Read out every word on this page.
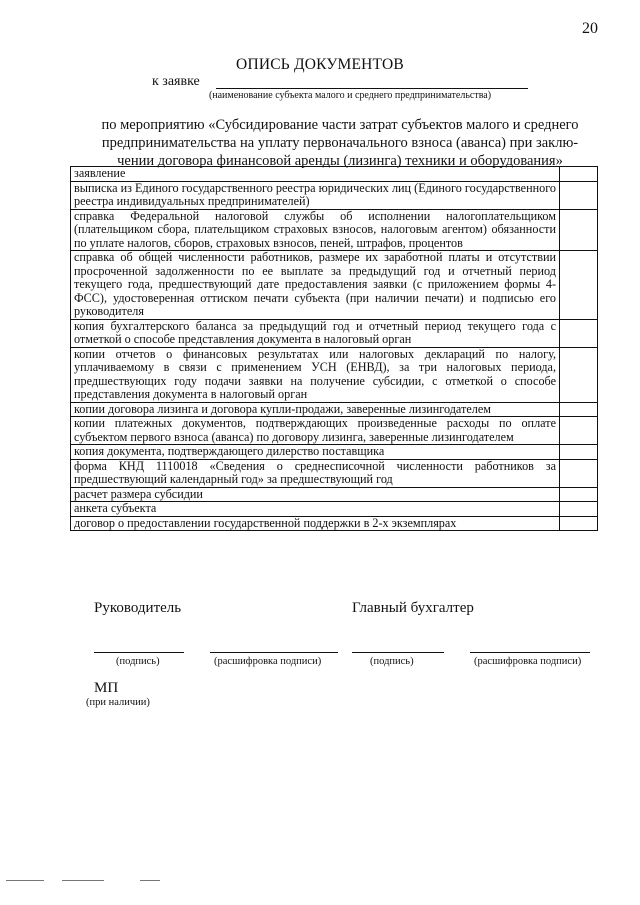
20
ОПИСЬ ДОКУМЕНТОВ
к заявке
(наименование субъекта малого и среднего предпринимательства)
по мероприятию «Субсидирование части затрат субъектов малого и среднего
предпринимательства на уплату первоначального взноса (аванса) при заклю-
чении договора финансовой аренды (лизинга) техники и оборудования»
заявление	
выписка из Единого государственного реестра юридических лиц (Единого государственного реестра индивидуальных предпринимателей)	
справка Федеральной налоговой службы об исполнении налогоплательщиком (плательщиком сбора, плательщиком страховых взносов, налоговым агентом) обязанности по уплате налогов, сборов, страховых взносов, пеней, штрафов, процентов	
справка об общей численности работников, размере их заработной платы и отсутствии просроченной задолженности по ее выплате за предыдущий год и отчетный период текущего года, предшествующий дате предоставления заявки (с приложением формы 4-ФСС), удостоверенная оттиском печати субъекта (при наличии печати) и подписью его руководителя	
копия бухгалтерского баланса за предыдущий год и отчетный период текущего года с отметкой о способе представления документа в налоговый орган	
копии отчетов о финансовых результатах или налоговых деклараций по налогу, уплачиваемому в связи с применением УСН (ЕНВД), за три налоговых периода, предшествующих году подачи заявки на получение субсидии, с отметкой о способе представления документа в налоговый орган	
копии договора лизинга и договора купли-продажи, заверенные лизингодателем	
копии платежных документов, подтверждающих произведенные расходы по оплате субъектом первого взноса (аванса) по договору лизинга, заверенные лизингодателем	
копия документа, подтверждающего дилерство поставщика	
форма КНД 1110018 «Сведения о среднесписочной численности работников за предшествующий календарный год» за предшествующий год	
расчет размера субсидии	
анкета субъекта	
договор о предоставлении государственной поддержки в 2-х экземплярах	
Руководитель	Главный бухгалтер
(подпись)	(расшифровка подписи)	(подпись)	(расшифровка подписи)
МП
(при наличии)
